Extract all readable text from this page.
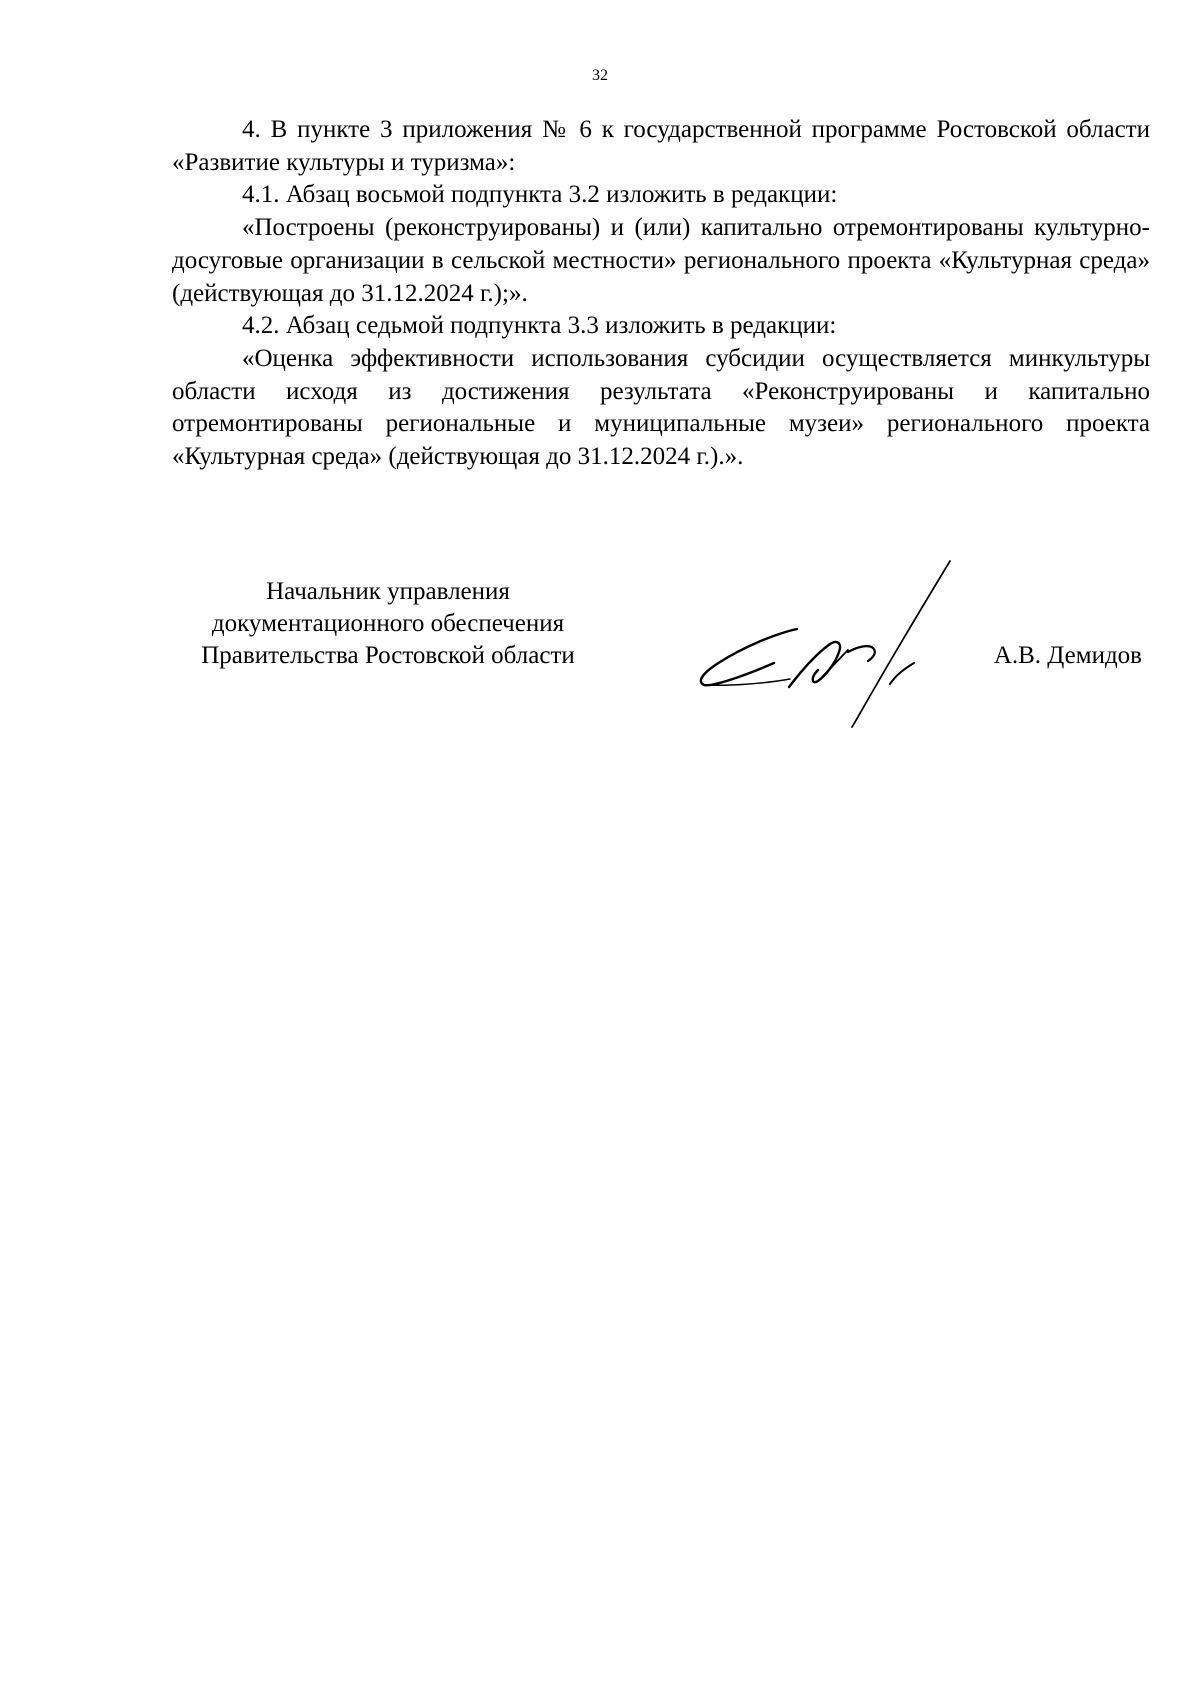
32

4. В пункте 3 приложения № 6 к государственной программе Ростовской области «Развитие культуры и туризма»:

4.1. Абзац восьмой подпункта 3.2 изложить в редакции:

«Построены (реконструированы) и (или) капитально отремонтированы культурно-досуговые организации в сельской местности» регионального проекта «Культурная среда» (действующая до 31.12.2024 г.);».

4.2. Абзац седьмой подпункта 3.3 изложить в редакции:

«Оценка эффективности использования субсидии осуществляется минкультуры области исходя из достижения результата «Реконструированы и капитально отремонтированы региональные и муниципальные музеи» регионального проекта «Культурная среда» (действующая до 31.12.2024 г.).».

Начальник управления
документационного обеспечения
Правительства Ростовской области	А.В. Демидов
